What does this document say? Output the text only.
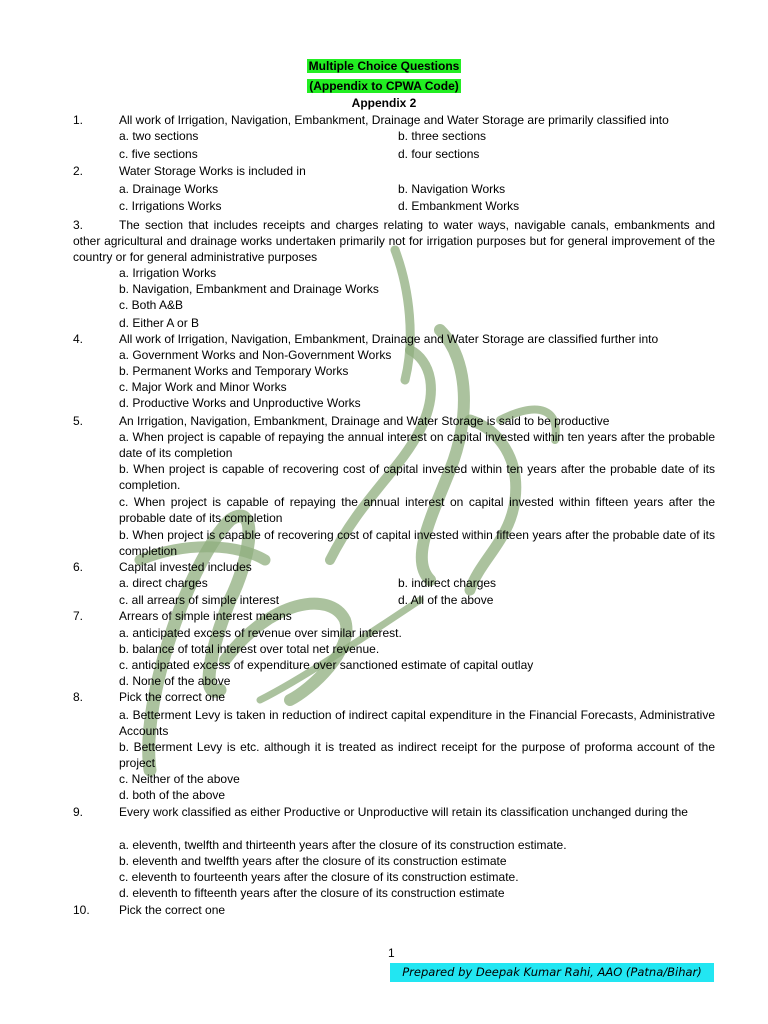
Multiple Choice Questions
(Appendix to CPWA Code)
Appendix 2
1.	All work of Irrigation, Navigation, Embankment, Drainage and Water Storage are primarily classified into
a. two sections	b. three sections
c. five sections	d. four sections
2.	Water Storage Works is included in
a. Drainage Works	b. Navigation Works
c. Irrigations Works	d. Embankment Works
3.	The section that includes receipts and charges relating to water ways, navigable canals, embankments and other agricultural and drainage works undertaken primarily not for irrigation purposes but for general improvement of the country or for general administrative purposes
a. Irrigation Works
b. Navigation, Embankment and Drainage Works
c. Both A&B
d. Either A or B
4.	All work of Irrigation, Navigation, Embankment, Drainage and Water Storage are classified further into
a. Government Works and Non-Government Works
b. Permanent Works and Temporary Works
c. Major Work and Minor Works
d. Productive Works and Unproductive Works
5.	An Irrigation, Navigation, Embankment, Drainage and Water Storage is said to be productive
a. When project is capable of repaying the annual interest on capital invested within ten years after the probable date of its completion
b. When project is capable of recovering cost of capital invested within ten years after the probable date of its completion.
c. When project is capable of repaying the annual interest on capital invested within fifteen years after the probable date of its completion
b. When project is capable of recovering cost of capital invested within fifteen years after the probable date of its completion
6.	Capital invested includes
a. direct charges	b. indirect charges
c. all arrears of simple interest	d. All of the above
7.	Arrears of simple interest means
a. anticipated excess of revenue over similar interest.
b. balance of total interest over total net revenue.
c. anticipated excess of expenditure over sanctioned estimate of capital outlay
d. None of the above
8.	Pick the correct one
a. Betterment Levy is taken in reduction of indirect capital expenditure in the Financial Forecasts, Administrative Accounts
b. Betterment Levy is etc. although it is treated as indirect receipt for the purpose of proforma account of the project
c. Neither of the above
d. both of the above
9.	Every work classified as either Productive or Unproductive will retain its classification unchanged during the
a. eleventh, twelfth and thirteenth years after the closure of its construction estimate.
b. eleventh and twelfth years after the closure of its construction estimate
c. eleventh to fourteenth years after the closure of its construction estimate.
d. eleventh to fifteenth years after the closure of its construction estimate
10. Pick the correct one
1
Prepared by Deepak Kumar Rahi, AAO (Patna/Bihar)
